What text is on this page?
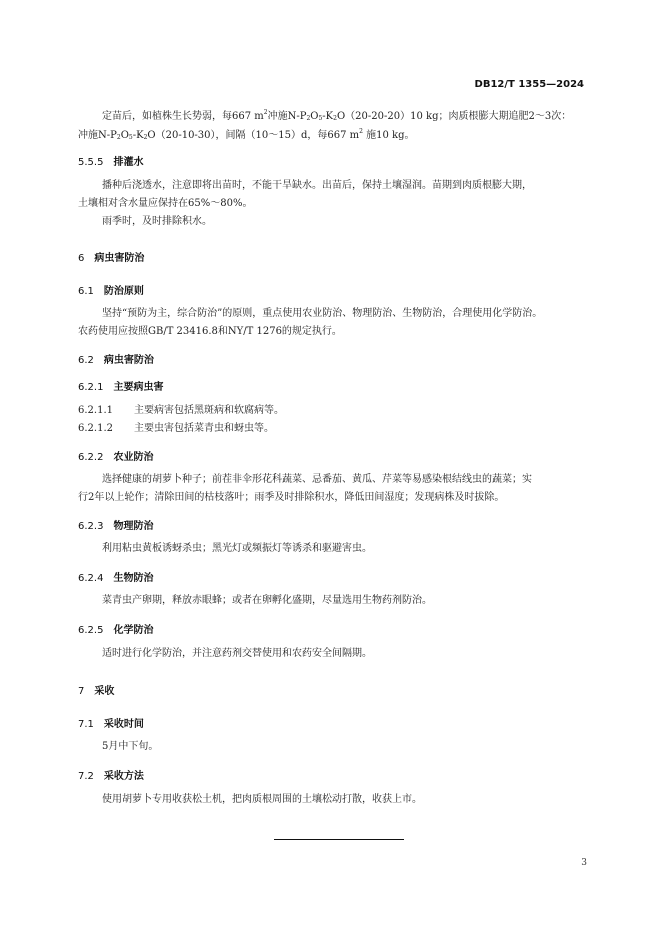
DB12/T 1355—2024
定苗后，如植株生长势弱，每667 $m^2$冲施N-P2O5-K2O（20-20-20）10 kg；肉质根膨大期追肥2～3次：
冲施N-P2O5-K2O（20-10-30），间隔（10～15）d，每667 $m^2$ 施10 kg。
5.5.5 排灌水
播种后浇透水，注意即将出苗时，不能干旱缺水。出苗后，保持土壤湿润。苗期到肉质根膨大期，
土壤相对含水量应保持在65%～80%。
雨季时，及时排除积水。
6 病虫害防治
6.1 防治原则
坚持“预防为主，综合防治”的原则，重点使用农业防治、物理防治、生物防治，合理使用化学防治。
农药使用应按照GB/T 23416.8和NY/T 1276的规定执行。
6.2 病虫害防治
6.2.1 主要病虫害
6.2.1.1 主要病害包括黑斑病和软腐病等。
6.2.1.2 主要虫害包括菜青虫和蚜虫等。
6.2.2 农业防治
选择健康的胡萝卜种子；前茬非伞形花科蔬菜、忌番茄、黄瓜、芹菜等易感染根结线虫的蔬菜；实
行2年以上轮作；清除田间的枯枝落叶；雨季及时排除积水，降低田间湿度；发现病株及时拔除。
6.2.3 物理防治
利用粘虫黄板诱蚜杀虫；黑光灯或频振灯等诱杀和驱避害虫。
6.2.4 生物防治
菜青虫产卵期，释放赤眼蜂；或者在卵孵化盛期，尽量选用生物药剂防治。
6.2.5 化学防治
适时进行化学防治，并注意药剂交替使用和农药安全间隔期。
7 采收
7.1 采收时间
5月中下旬。
7.2 采收方法
使用胡萝卜专用收获松土机，把肉质根周围的土壤松动打散，收获上市。
3
